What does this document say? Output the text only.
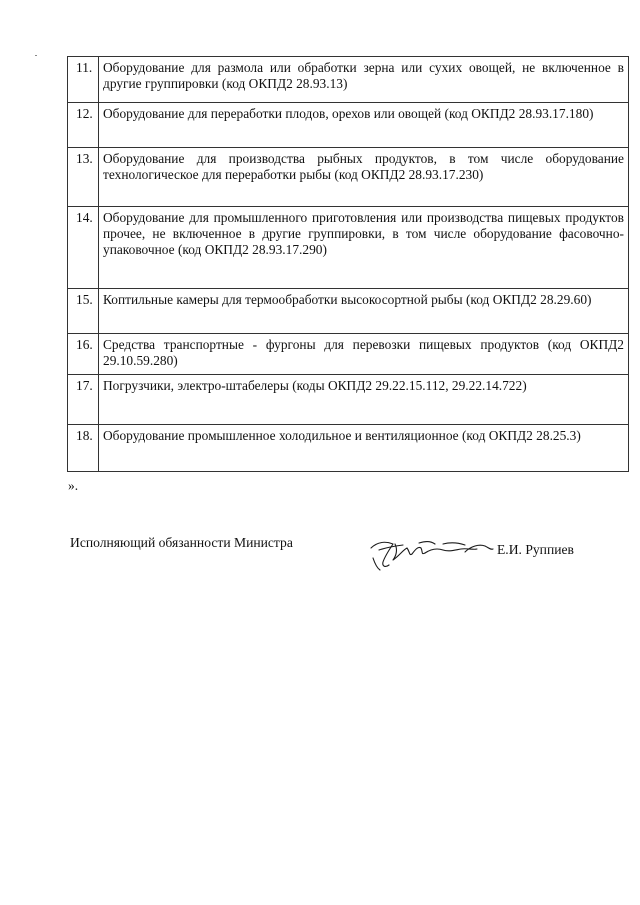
11.	Оборудование для размола или обработки зерна или сухих овощей, не включенное в другие группировки (код ОКПД2 28.93.13)
12.	Оборудование для переработки плодов, орехов или овощей (код ОКПД2 28.93.17.180)
13.	Оборудование для производства рыбных продуктов, в том числе оборудование технологическое для переработки рыбы (код ОКПД2 28.93.17.230)
14.	Оборудование для промышленного приготовления или производства пищевых продуктов прочее, не включенное в другие группировки, в том числе оборудование фасовочно-упаковочное (код ОКПД2 28.93.17.290)
15.	Коптильные камеры для термообработки высокосортной рыбы (код ОКПД2 28.29.60)
16.	Средства транспортные - фургоны для перевозки пищевых продуктов (код ОКПД2 29.10.59.280)
17.	Погрузчики, электро-штабелеры (коды ОКПД2 29.22.15.112, 29.22.14.722)
18.	Оборудование промышленное холодильное и вентиляционное (код ОКПД2 28.25.3)
».
Исполняющий обязанности Министра	Е.И. Руппиев
